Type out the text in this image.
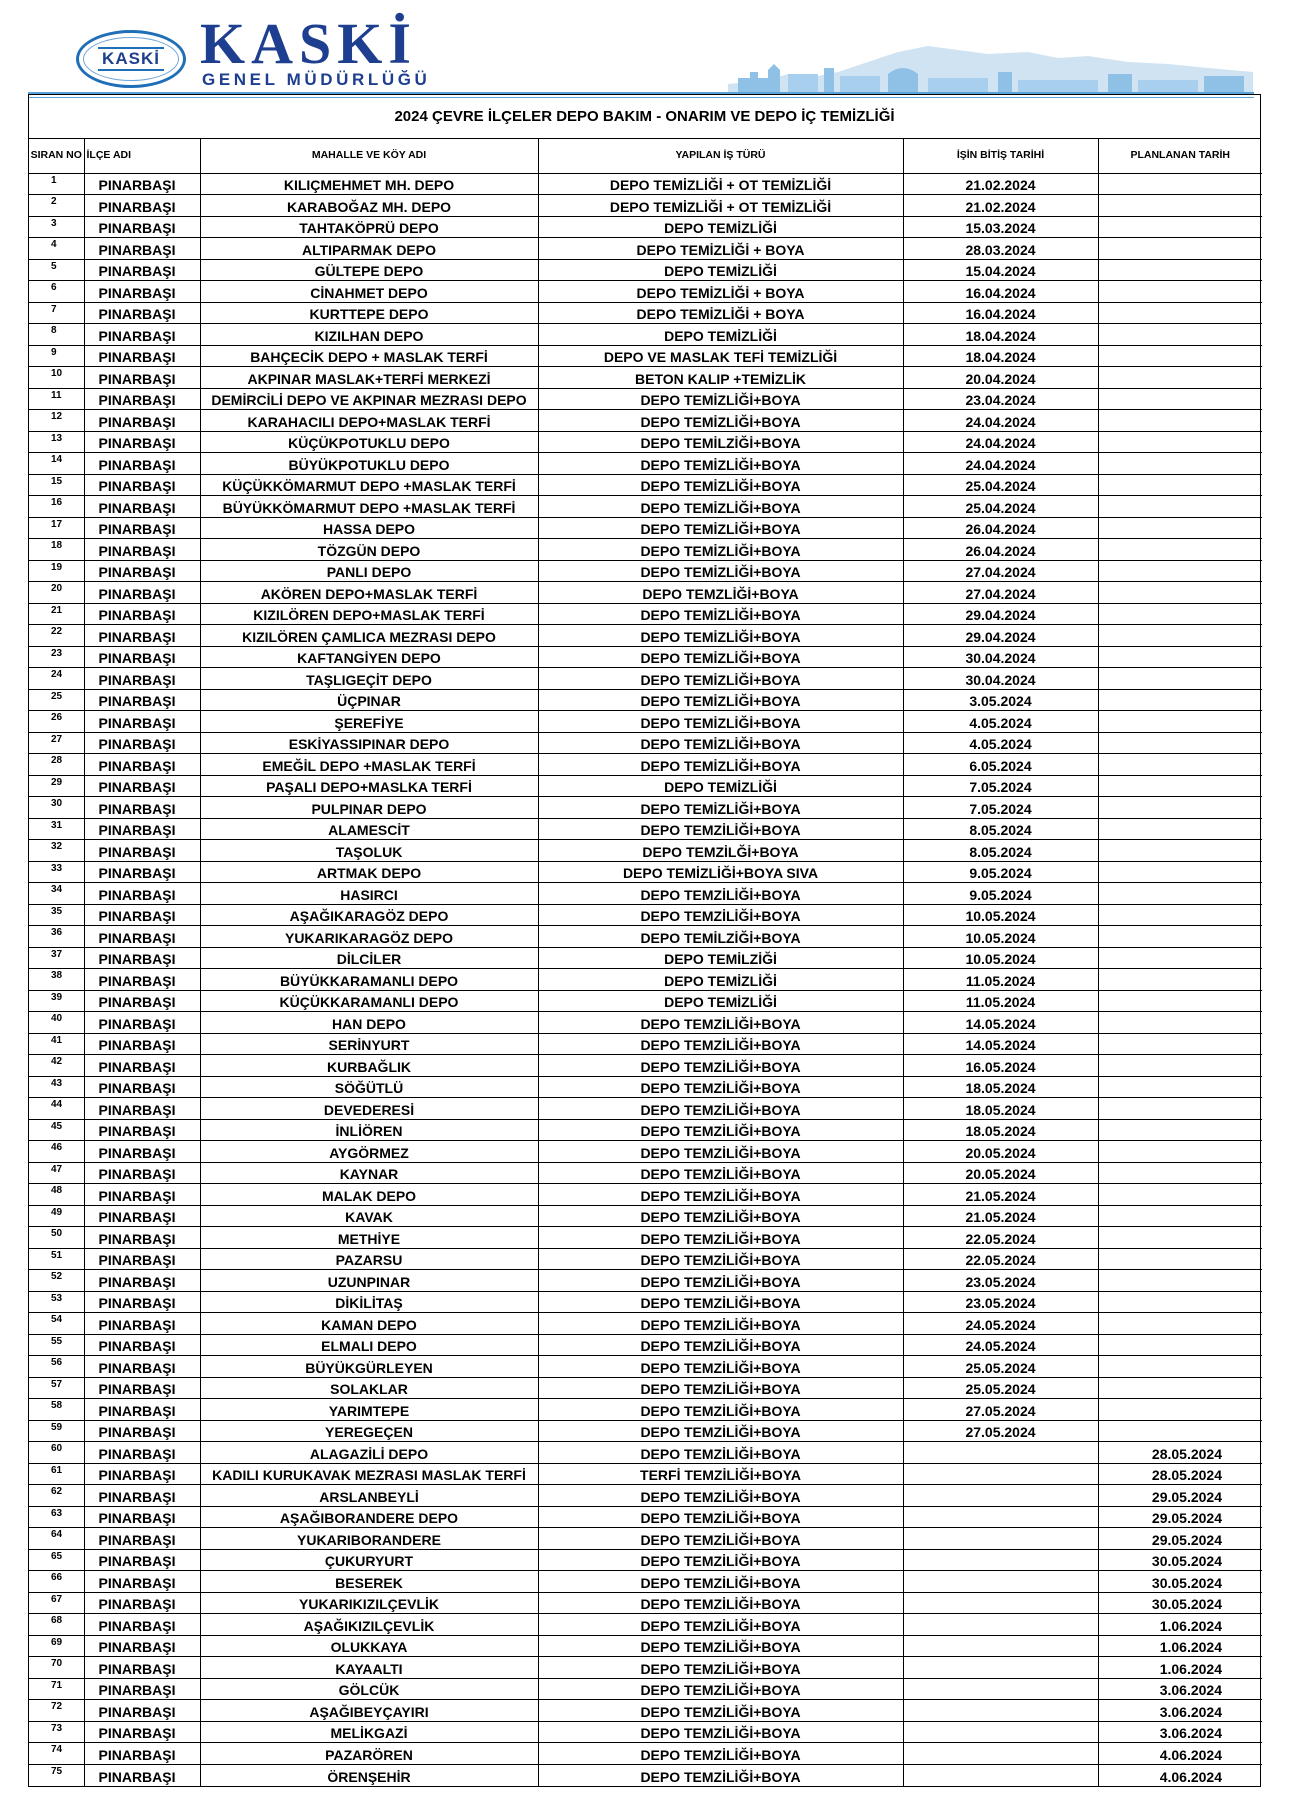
KASKİ KASKİ
GENEL MÜDÜRLÜĞÜ
2024 ÇEVRE İLÇELER DEPO BAKIM - ONARIM VE DEPO İÇ TEMİZLİĞİ
SIRAN NO	İLÇE ADI	MAHALLE VE KÖY ADI	YAPILAN İŞ TÜRÜ	İŞİN BİTİŞ TARİHİ	PLANLANAN TARİH
1	PINARBAŞI	KILIÇMEHMET MH. DEPO	DEPO TEMİZLİĞİ + OT TEMİZLİĞİ	21.02.2024	
2	PINARBAŞI	KARABOĞAZ MH. DEPO	DEPO TEMİZLİĞİ + OT TEMİZLİĞİ	21.02.2024	
3	PINARBAŞI	TAHTAKÖPRÜ DEPO	DEPO TEMİZLİĞİ	15.03.2024	
4	PINARBAŞI	ALTIPARMAK DEPO	DEPO TEMİZLİĞİ + BOYA	28.03.2024	
5	PINARBAŞI	GÜLTEPE DEPO	DEPO TEMİZLİĞİ	15.04.2024	
6	PINARBAŞI	CİNAHMET DEPO	DEPO TEMİZLİĞİ + BOYA	16.04.2024	
7	PINARBAŞI	KURTTEPE DEPO	DEPO TEMİZLİĞİ + BOYA	16.04.2024	
8	PINARBAŞI	KIZILHAN DEPO	DEPO TEMİZLİĞİ	18.04.2024	
9	PINARBAŞI	BAHÇECİK DEPO + MASLAK TERFİ	DEPO VE MASLAK TEFİ TEMİZLİĞİ	18.04.2024	
10	PINARBAŞI	AKPINAR MASLAK+TERFİ MERKEZİ	BETON KALIP +TEMİZLİK	20.04.2024	
11	PINARBAŞI	DEMİRCİLİ DEPO VE AKPINAR MEZRASI DEPO	DEPO TEMİZLİĞİ+BOYA	23.04.2024	
12	PINARBAŞI	KARAHACILI DEPO+MASLAK TERFİ	DEPO TEMİZLİĞİ+BOYA	24.04.2024	
13	PINARBAŞI	KÜÇÜKPOTUKLU DEPO	DEPO TEMİLZİĞİ+BOYA	24.04.2024	
14	PINARBAŞI	BÜYÜKPOTUKLU DEPO	DEPO TEMİZLİĞİ+BOYA	24.04.2024	
15	PINARBAŞI	KÜÇÜKKÖMARMUT DEPO +MASLAK TERFİ	DEPO TEMİZLİĞİ+BOYA	25.04.2024	
16	PINARBAŞI	BÜYÜKKÖMARMUT DEPO +MASLAK TERFİ	DEPO TEMİZLİĞİ+BOYA	25.04.2024	
17	PINARBAŞI	HASSA DEPO	DEPO TEMİZLİĞİ+BOYA	26.04.2024	
18	PINARBAŞI	TÖZGÜN DEPO	DEPO TEMİZLİĞİ+BOYA	26.04.2024	
19	PINARBAŞI	PANLI DEPO	DEPO TEMİZLİĞİ+BOYA	27.04.2024	
20	PINARBAŞI	AKÖREN DEPO+MASLAK TERFİ	DEPO TEMZLİĞİ+BOYA	27.04.2024	
21	PINARBAŞI	KIZILÖREN DEPO+MASLAK TERFİ	DEPO TEMİZLİĞİ+BOYA	29.04.2024	
22	PINARBAŞI	KIZILÖREN ÇAMLICA MEZRASI DEPO	DEPO TEMİZLİĞİ+BOYA	29.04.2024	
23	PINARBAŞI	KAFTANGİYEN DEPO	DEPO TEMİZLİĞİ+BOYA	30.04.2024	
24	PINARBAŞI	TAŞLIGEÇİT DEPO	DEPO TEMİZLİĞİ+BOYA	30.04.2024	
25	PINARBAŞI	ÜÇPINAR	DEPO TEMİZLİĞİ+BOYA	3.05.2024	
26	PINARBAŞI	ŞEREFİYE	DEPO TEMİZLİĞİ+BOYA	4.05.2024	
27	PINARBAŞI	ESKİYASSIPINAR DEPO	DEPO TEMİZLİĞİ+BOYA	4.05.2024	
28	PINARBAŞI	EMEĞİL DEPO +MASLAK TERFİ	DEPO TEMİZLİĞİ+BOYA	6.05.2024	
29	PINARBAŞI	PAŞALI DEPO+MASLKA TERFİ	DEPO TEMİZLİĞİ	7.05.2024	
30	PINARBAŞI	PULPINAR DEPO	DEPO TEMİZLİĞİ+BOYA	7.05.2024	
31	PINARBAŞI	ALAMESCİT	DEPO TEMZİLİĞİ+BOYA	8.05.2024	
32	PINARBAŞI	TAŞOLUK	DEPO TEMZİLĞİ+BOYA	8.05.2024	
33	PINARBAŞI	ARTMAK DEPO	DEPO TEMİZLİĞİ+BOYA SIVA	9.05.2024	
34	PINARBAŞI	HASIRCI	DEPO TEMZİLİĞİ+BOYA	9.05.2024	
35	PINARBAŞI	AŞAĞIKARAGÖZ DEPO	DEPO TEMZİLİĞİ+BOYA	10.05.2024	
36	PINARBAŞI	YUKARIKARAGÖZ DEPO	DEPO TEMİLZİĞİ+BOYA	10.05.2024	
37	PINARBAŞI	DİLCİLER	DEPO TEMİLZİĞİ	10.05.2024	
38	PINARBAŞI	BÜYÜKKARAMANLI DEPO	DEPO TEMİZLİĞİ	11.05.2024	
39	PINARBAŞI	KÜÇÜKKARAMANLI DEPO	DEPO TEMİZLİĞİ	11.05.2024	
40	PINARBAŞI	HAN DEPO	DEPO TEMZİLİĞİ+BOYA	14.05.2024	
41	PINARBAŞI	SERİNYURT	DEPO TEMZİLİĞİ+BOYA	14.05.2024	
42	PINARBAŞI	KURBAĞLIK	DEPO TEMZİLİĞİ+BOYA	16.05.2024	
43	PINARBAŞI	SÖĞÜTLÜ	DEPO TEMZİLİĞİ+BOYA	18.05.2024	
44	PINARBAŞI	DEVEDERESİ	DEPO TEMZİLİĞİ+BOYA	18.05.2024	
45	PINARBAŞI	İNLİÖREN	DEPO TEMZİLİĞİ+BOYA	18.05.2024	
46	PINARBAŞI	AYGÖRMEZ	DEPO TEMZİLİĞİ+BOYA	20.05.2024	
47	PINARBAŞI	KAYNAR	DEPO TEMZİLİĞİ+BOYA	20.05.2024	
48	PINARBAŞI	MALAK DEPO	DEPO TEMZİLİĞİ+BOYA	21.05.2024	
49	PINARBAŞI	KAVAK	DEPO TEMZİLİĞİ+BOYA	21.05.2024	
50	PINARBAŞI	METHİYE	DEPO TEMZİLİĞİ+BOYA	22.05.2024	
51	PINARBAŞI	PAZARSU	DEPO TEMZİLİĞİ+BOYA	22.05.2024	
52	PINARBAŞI	UZUNPINAR	DEPO TEMZİLİĞİ+BOYA	23.05.2024	
53	PINARBAŞI	DİKİLİTAŞ	DEPO TEMZİLİĞİ+BOYA	23.05.2024	
54	PINARBAŞI	KAMAN DEPO	DEPO TEMZİLİĞİ+BOYA	24.05.2024	
55	PINARBAŞI	ELMALI DEPO	DEPO TEMZİLİĞİ+BOYA	24.05.2024	
56	PINARBAŞI	BÜYÜKGÜRLEYEN	DEPO TEMZİLİĞİ+BOYA	25.05.2024	
57	PINARBAŞI	SOLAKLAR	DEPO TEMZİLİĞİ+BOYA	25.05.2024	
58	PINARBAŞI	YARIMTEPE	DEPO TEMZİLİĞİ+BOYA	27.05.2024	
59	PINARBAŞI	YEREGEÇEN	DEPO TEMZİLİĞİ+BOYA	27.05.2024	
60	PINARBAŞI	ALAGAZİLİ DEPO	DEPO TEMZİLİĞİ+BOYA		28.05.2024
61	PINARBAŞI	KADILI KURUKAVAK MEZRASI MASLAK TERFİ	TERFİ TEMZİLİĞİ+BOYA		28.05.2024
62	PINARBAŞI	ARSLANBEYLİ	DEPO TEMZİLİĞİ+BOYA		29.05.2024
63	PINARBAŞI	AŞAĞIBORANDERE DEPO	DEPO TEMZİLİĞİ+BOYA		29.05.2024
64	PINARBAŞI	YUKARIBORANDERE	DEPO TEMZİLİĞİ+BOYA		29.05.2024
65	PINARBAŞI	ÇUKURYURT	DEPO TEMZİLİĞİ+BOYA		30.05.2024
66	PINARBAŞI	BESEREK	DEPO TEMZİLİĞİ+BOYA		30.05.2024
67	PINARBAŞI	YUKARIKIZILÇEVLİK	DEPO TEMZİLİĞİ+BOYA		30.05.2024
68	PINARBAŞI	AŞAĞIKIZILÇEVLİK	DEPO TEMZİLİĞİ+BOYA		1.06.2024
69	PINARBAŞI	OLUKKAYA	DEPO TEMZİLİĞİ+BOYA		1.06.2024
70	PINARBAŞI	KAYAALTI	DEPO TEMZİLİĞİ+BOYA		1.06.2024
71	PINARBAŞI	GÖLCÜK	DEPO TEMZİLİĞİ+BOYA		3.06.2024
72	PINARBAŞI	AŞAĞIBEYÇAYIRI	DEPO TEMZİLİĞİ+BOYA		3.06.2024
73	PINARBAŞI	MELİKGAZİ	DEPO TEMZİLİĞİ+BOYA		3.06.2024
74	PINARBAŞI	PAZARÖREN	DEPO TEMZİLİĞİ+BOYA		4.06.2024
75	PINARBAŞI	ÖRENŞEHİR	DEPO TEMZİLİĞİ+BOYA		4.06.2024
